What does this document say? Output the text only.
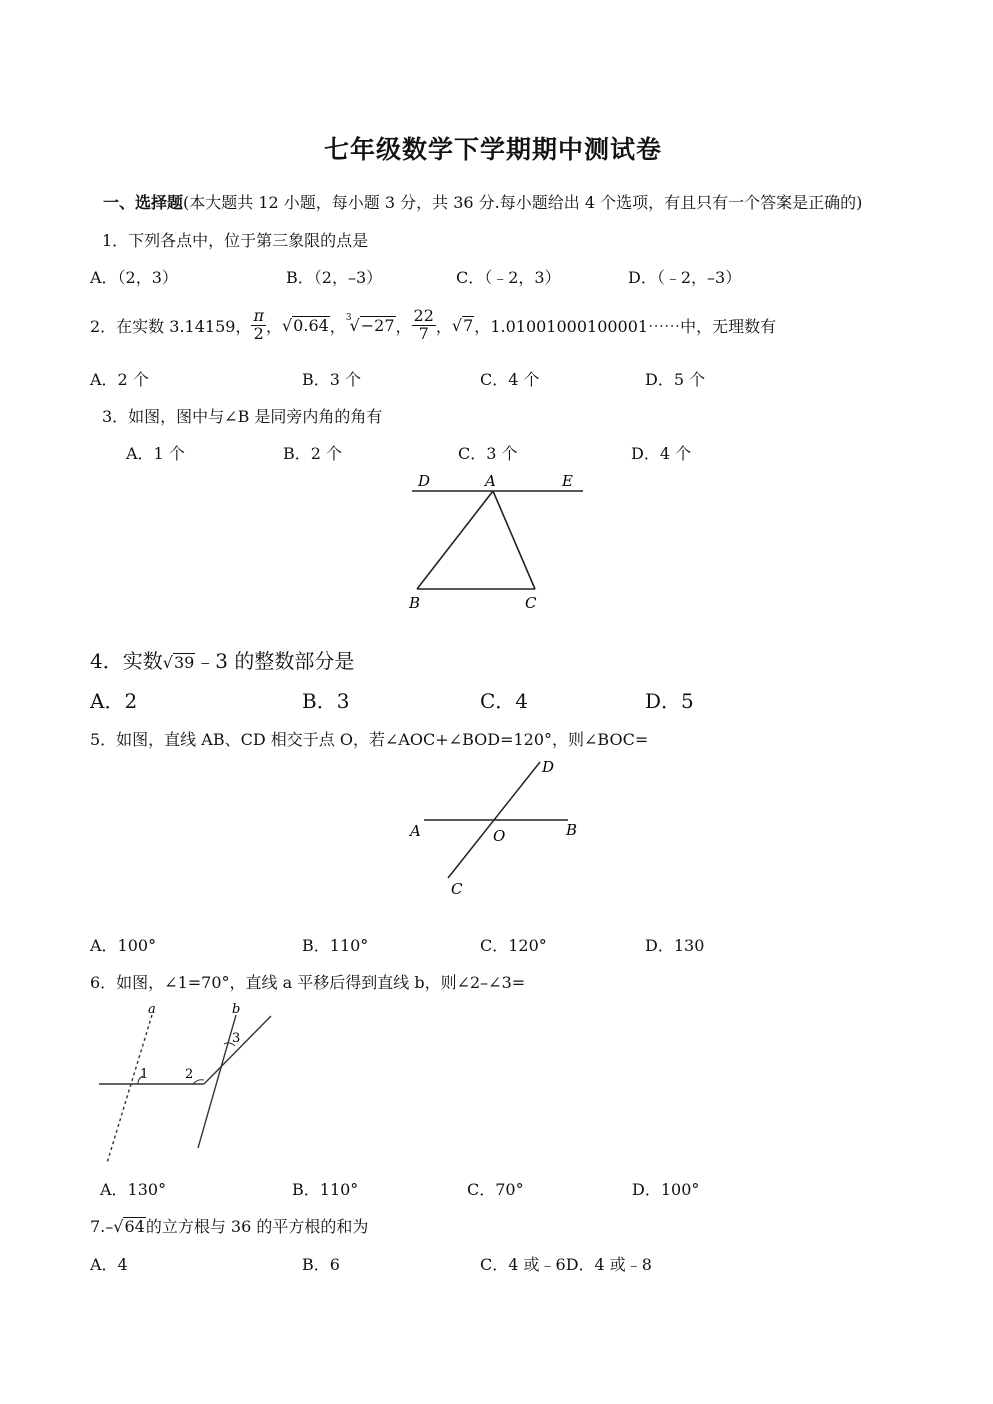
七年级数学下学期期中测试卷
一、选择题(本大题共 12 小题，每小题 3 分，共 36 分.每小题给出 4 个选项，有且只有一个答案是正确的)
1．下列各点中，位于第三象限的点是
A．（2，3）	B．（2，–3）	C．（﹣2，3）	D．（﹣2，–3）
2．在实数 3.14159， $\frac{\pi}{2}$ ， √0.64 ， $^3$√−27 ， $\frac{22}{7}$ ， √7 ， 1.01001000100001⋯⋯中，无理数有
A．2 个	B．3 个	C．4 个	D．5 个
3．如图，图中与∠B 是同旁内角的角有
A．1 个	B．2 个	C．3 个	D．4 个
D	A	E
B	C
4．实数√39﹣3 的整数部分是
A．2	B．3	C．4	D．5
5．如图，直线 AB、CD 相交于点 O，若∠AOC+∠BOD=120°，则∠BOC=
D
A	O	B
C
A．100°	B．110°	C．120°	D．130
6．如图，∠1=70°，直线 a 平移后得到直线 b，则∠2–∠3=
a	b
1	2
3
A．130°	B．110°	C．70°	D．100°
7.–√64的立方根与 36 的平方根的和为
A．4	B．6	C．4 或﹣6D．4 或﹣8
